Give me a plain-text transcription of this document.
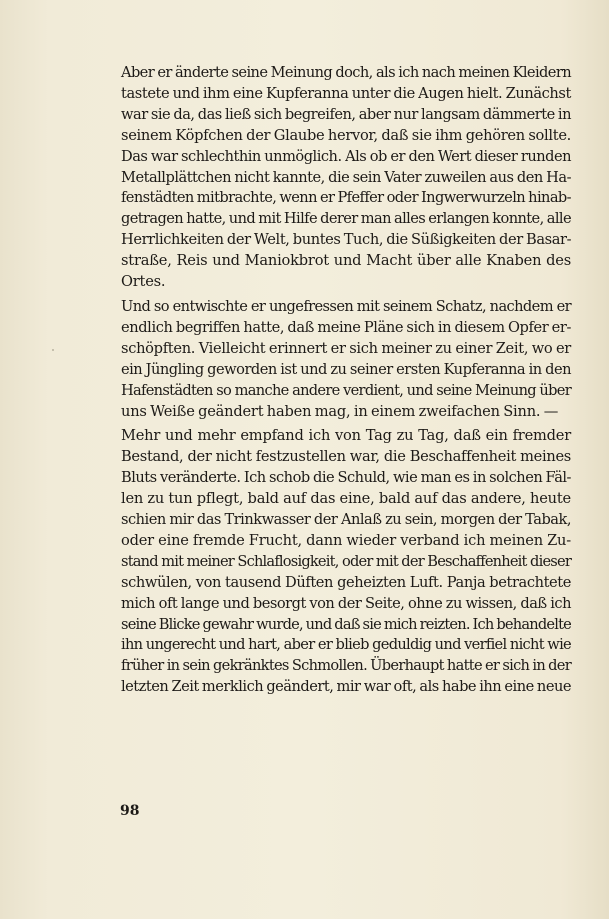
Aber er änderte seine Meinung doch, als ich nach meinen Kleidern
tastete und ihm eine Kupferanna unter die Augen hielt. Zunächst
war sie da, das ließ sich begreifen, aber nur langsam dämmerte in
seinem Köpfchen der Glaube hervor, daß sie ihm gehören sollte.
Das war schlechthin unmöglich. Als ob er den Wert dieser runden
Metallplättchen nicht kannte, die sein Vater zuweilen aus den Ha-
fenstädten mitbrachte, wenn er Pfeffer oder Ingwerwurzeln hinab-
getragen hatte, und mit Hilfe derer man alles erlangen konnte, alle
Herrlichkeiten der Welt, buntes Tuch, die Süßigkeiten der Basar-
straße, Reis und Maniokbrot und Macht über alle Knaben des
Ortes.
Und so entwischte er ungefressen mit seinem Schatz, nachdem er
endlich begriffen hatte, daß meine Pläne sich in diesem Opfer er-
schöpften. Vielleicht erinnert er sich meiner zu einer Zeit, wo er
ein Jüngling geworden ist und zu seiner ersten Kupferanna in den
Hafenstädten so manche andere verdient, und seine Meinung über
uns Weiße geändert haben mag, in einem zweifachen Sinn. —
Mehr und mehr empfand ich von Tag zu Tag, daß ein fremder
Bestand, der nicht festzustellen war, die Beschaffenheit meines
Bluts veränderte. Ich schob die Schuld, wie man es in solchen Fäl-
len zu tun pflegt, bald auf das eine, bald auf das andere, heute
schien mir das Trinkwasser der Anlaß zu sein, morgen der Tabak,
oder eine fremde Frucht, dann wieder verband ich meinen Zu-
stand mit meiner Schlaflosigkeit, oder mit der Beschaffenheit dieser
schwülen, von tausend Düften geheizten Luft. Panja betrachtete
mich oft lange und besorgt von der Seite, ohne zu wissen, daß ich
seine Blicke gewahr wurde, und daß sie mich reizten. Ich behandelte
ihn ungerecht und hart, aber er blieb geduldig und verfiel nicht wie
früher in sein gekränktes Schmollen. Überhaupt hatte er sich in der
letzten Zeit merklich geändert, mir war oft, als habe ihn eine neue
98
